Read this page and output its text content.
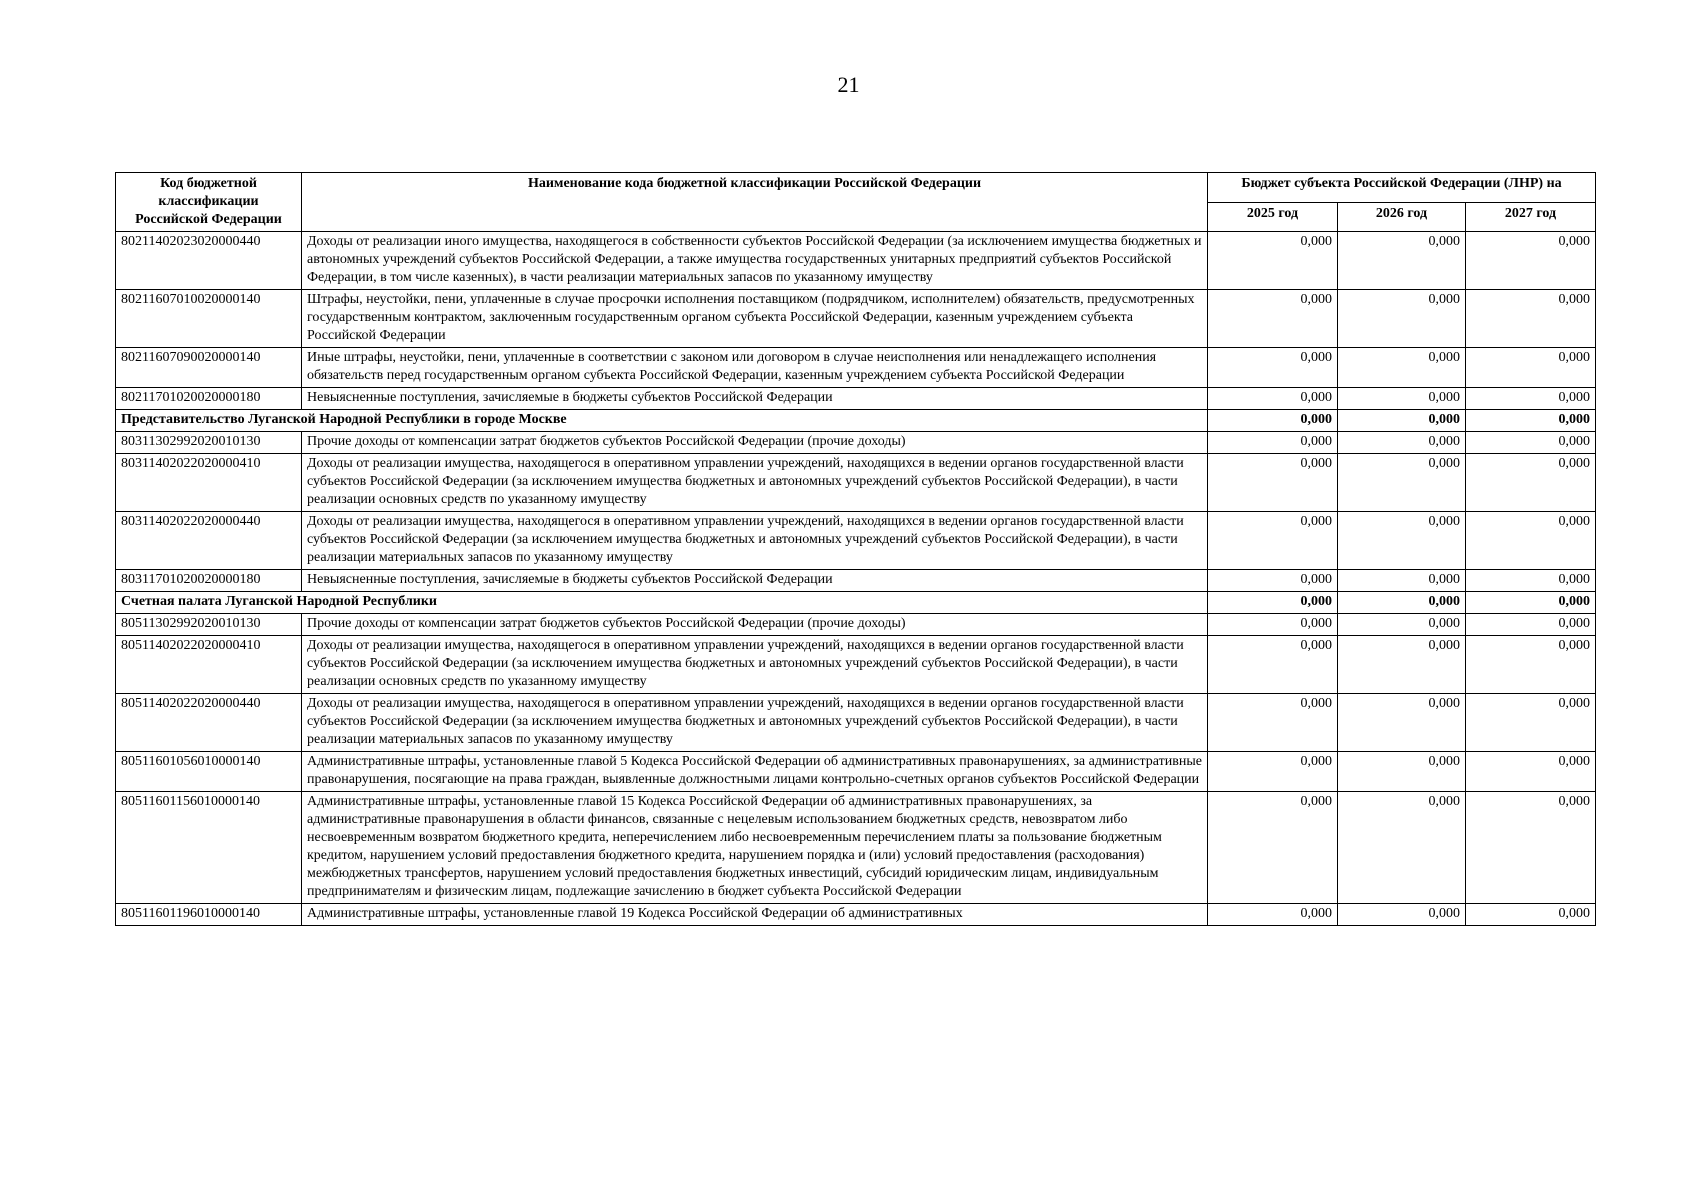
21
Код бюджетной классификации Российской Федерации	Наименование кода бюджетной классификации Российской Федерации	Бюджет субъекта Российской Федерации (ЛНР) на		
		2025 год	2026 год	2027 год
80211402023020000440	Доходы от реализации иного имущества, находящегося в собственности субъектов Российской Федерации (за исключением имущества бюджетных и автономных учреждений субъектов Российской Федерации, а также имущества государственных унитарных предприятий субъектов Российской Федерации, в том числе казенных), в части реализации материальных запасов по указанному имуществу	0,000	0,000	0,000
80211607010020000140	Штрафы, неустойки, пени, уплаченные в случае просрочки исполнения поставщиком (подрядчиком, исполнителем) обязательств, предусмотренных государственным контрактом, заключенным государственным органом субъекта Российской Федерации, казенным учреждением субъекта Российской Федерации	0,000	0,000	0,000
80211607090020000140	Иные штрафы, неустойки, пени, уплаченные в соответствии с законом или договором в случае неисполнения или ненадлежащего исполнения обязательств перед государственным органом субъекта Российской Федерации, казенным учреждением субъекта Российской Федерации	0,000	0,000	0,000
80211701020020000180	Невыясненные поступления, зачисляемые в бюджеты субъектов Российской Федерации	0,000	0,000	0,000
Представительство Луганской Народной Республики в городе Москве		0,000	0,000	0,000
80311302992020010130	Прочие доходы от компенсации затрат бюджетов субъектов Российской Федерации (прочие доходы)	0,000	0,000	0,000
80311402022020000410	Доходы от реализации имущества, находящегося в оперативном управлении учреждений, находящихся в ведении органов государственной власти субъектов Российской Федерации (за исключением имущества бюджетных и автономных учреждений субъектов Российской Федерации), в части реализации основных средств по указанному имуществу	0,000	0,000	0,000
80311402022020000440	Доходы от реализации имущества, находящегося в оперативном управлении учреждений, находящихся в ведении органов государственной власти субъектов Российской Федерации (за исключением имущества бюджетных и автономных учреждений субъектов Российской Федерации), в части реализации материальных запасов по указанному имуществу	0,000	0,000	0,000
80311701020020000180	Невыясненные поступления, зачисляемые в бюджеты субъектов Российской Федерации	0,000	0,000	0,000
Счетная палата Луганской Народной Республики		0,000	0,000	0,000
80511302992020010130	Прочие доходы от компенсации затрат бюджетов субъектов Российской Федерации (прочие доходы)	0,000	0,000	0,000
80511402022020000410	Доходы от реализации имущества, находящегося в оперативном управлении учреждений, находящихся в ведении органов государственной власти субъектов Российской Федерации (за исключением имущества бюджетных и автономных учреждений субъектов Российской Федерации), в части реализации основных средств по указанному имуществу	0,000	0,000	0,000
80511402022020000440	Доходы от реализации имущества, находящегося в оперативном управлении учреждений, находящихся в ведении органов государственной власти субъектов Российской Федерации (за исключением имущества бюджетных и автономных учреждений субъектов Российской Федерации), в части реализации материальных запасов по указанному имуществу	0,000	0,000	0,000
80511601056010000140	Административные штрафы, установленные главой 5 Кодекса Российской Федерации об административных правонарушениях, за административные правонарушения, посягающие на права граждан, выявленные должностными лицами контрольно-счетных органов субъектов Российской Федерации	0,000	0,000	0,000
80511601156010000140	Административные штрафы, установленные главой 15 Кодекса Российской Федерации об административных правонарушениях, за административные правонарушения в области финансов, связанные с нецелевым использованием бюджетных средств, невозвратом либо несвоевременным возвратом бюджетного кредита, неперечислением либо несвоевременным перечислением платы за пользование бюджетным кредитом, нарушением условий предоставления бюджетного кредита, нарушением порядка и (или) условий предоставления (расходования) межбюджетных трансфертов, нарушением условий предоставления бюджетных инвестиций, субсидий юридическим лицам, индивидуальным предпринимателям и физическим лицам, подлежащие зачислению в бюджет субъекта Российской Федерации	0,000	0,000	0,000
80511601196010000140	Административные штрафы, установленные главой 19 Кодекса Российской Федерации об административных	0,000	0,000	0,000
